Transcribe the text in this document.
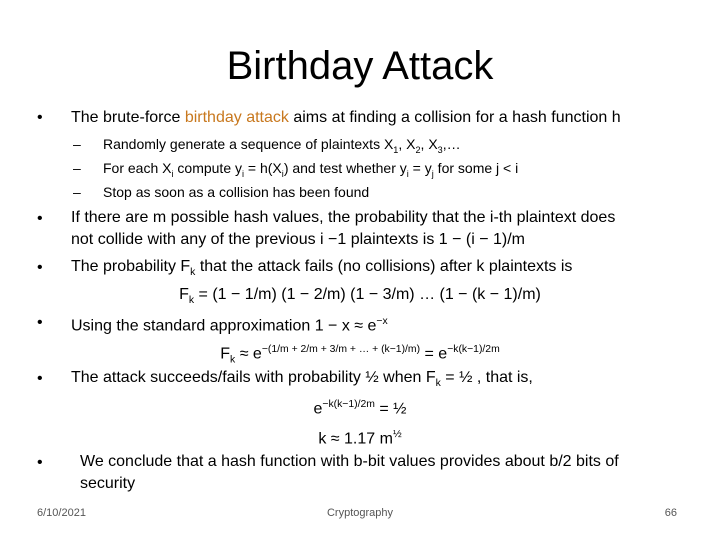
Birthday Attack
• The brute-force birthday attack aims at finding a collision for a hash function h
– Randomly generate a sequence of plaintexts $X_1$, $X_2$, $X_3,\dots$
– For each $X_i$ compute $y_i = h(X_i)$ and test whether $y_i = y_j$ for some j < i
– Stop as soon as a collision has been found
• If there are m possible hash values, the probability that the i-th plaintext does
not collide with any of the previous i −1 plaintexts is 1 − (i − 1)/m
• The probability $F_k$ that the attack fails (no collisions) after k plaintexts is
$F_k = (1 - 1/m) (1 - 2/m) (1 - 3/m)$ … (1 − (k − 1)/m)
• Using the standard approximation $1 - x \approx e^{-x}$
$F_k \approx e^{-(1/m + 2/m + 3/m + \dots + (k-1)/m)} = e^{-k(k-1)/2m}$
• The attack succeeds/fails with probability ½ when $F_k$ = ½ , that is,
$e^{-k(k-1)/2m}$ = ½
k ≈ 1.17 $m^{\frac{1}{2}}$
• We conclude that a hash function with b-bit values provides about b/2 bits of
security
6/10/2021	Cryptography	66
